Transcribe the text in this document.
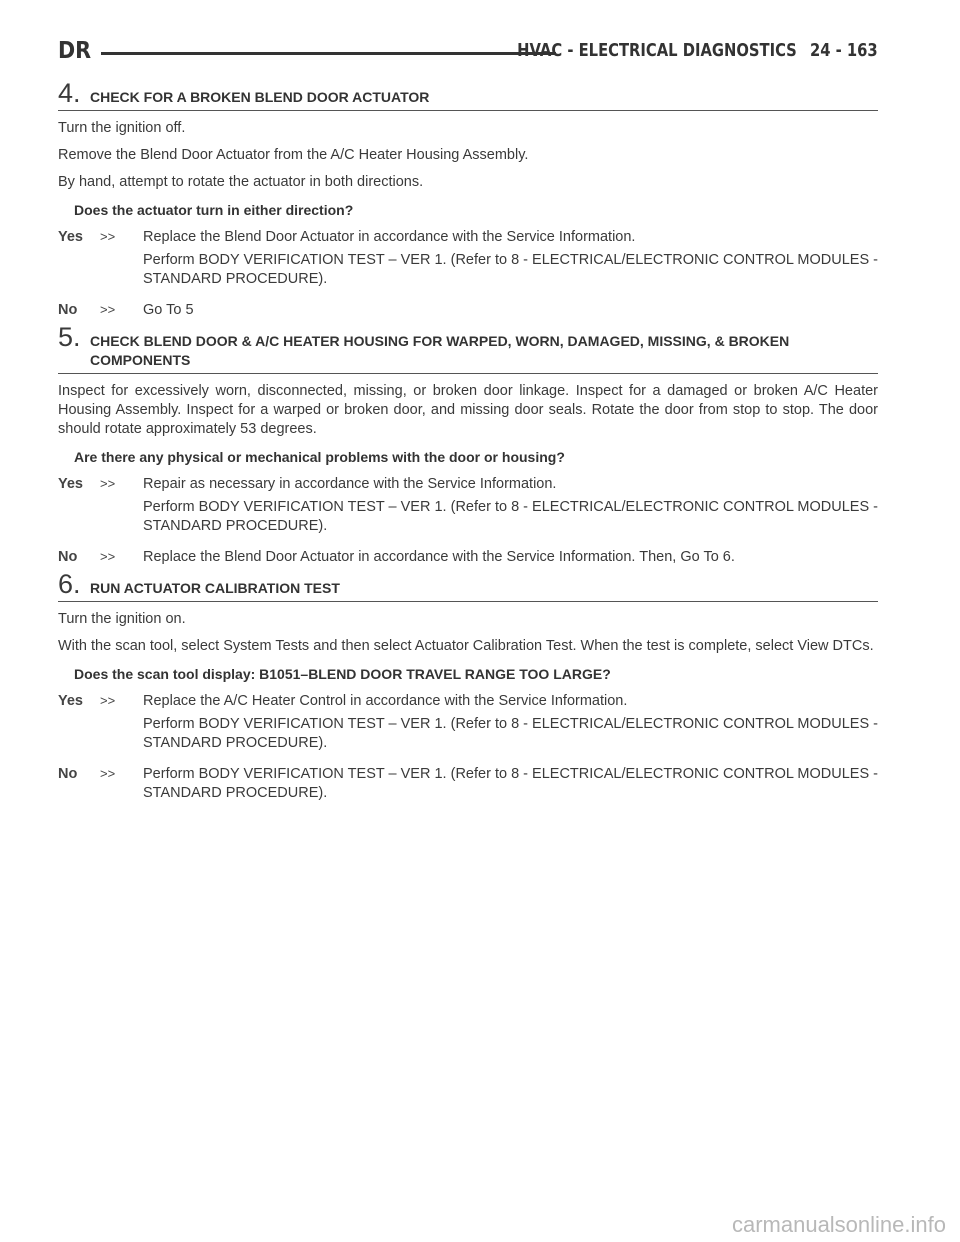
DR	HVAC - ELECTRICAL DIAGNOSTICS 24 - 163
4. CHECK FOR A BROKEN BLEND DOOR ACTUATOR

Turn the ignition off.

Remove the Blend Door Actuator from the A/C Heater Housing Assembly.

By hand, attempt to rotate the actuator in both directions.

Does the actuator turn in either direction?

Yes	>>	Replace the Blend Door Actuator in accordance with the Service Information.

Perform BODY VERIFICATION TEST – VER 1. (Refer to 8 - ELECTRICAL/ELECTRONIC CONTROL MODULES - STANDARD PROCEDURE).

No	>>	Go To 5

5. CHECK BLEND DOOR & A/C HEATER HOUSING FOR WARPED, WORN, DAMAGED, MISSING, & BROKEN COMPONENTS

Inspect for excessively worn, disconnected, missing, or broken door linkage. Inspect for a damaged or broken A/C Heater Housing Assembly. Inspect for a warped or broken door, and missing door seals. Rotate the door from stop to stop. The door should rotate approximately 53 degrees.

Are there any physical or mechanical problems with the door or housing?

Yes	>>	Repair as necessary in accordance with the Service Information.

Perform BODY VERIFICATION TEST – VER 1. (Refer to 8 - ELECTRICAL/ELECTRONIC CONTROL MODULES - STANDARD PROCEDURE).

No	>>	Replace the Blend Door Actuator in accordance with the Service Information. Then, Go To 6.

6. RUN ACTUATOR CALIBRATION TEST

Turn the ignition on.

With the scan tool, select System Tests and then select Actuator Calibration Test. When the test is complete, select View DTCs.

Does the scan tool display: B1051–BLEND DOOR TRAVEL RANGE TOO LARGE?

Yes	>>	Replace the A/C Heater Control in accordance with the Service Information.

Perform BODY VERIFICATION TEST – VER 1. (Refer to 8 - ELECTRICAL/ELECTRONIC CONTROL MODULES - STANDARD PROCEDURE).

No	>>	Perform BODY VERIFICATION TEST – VER 1. (Refer to 8 - ELECTRICAL/ELECTRONIC CONTROL MODULES - STANDARD PROCEDURE).

carmanualsonline.info
